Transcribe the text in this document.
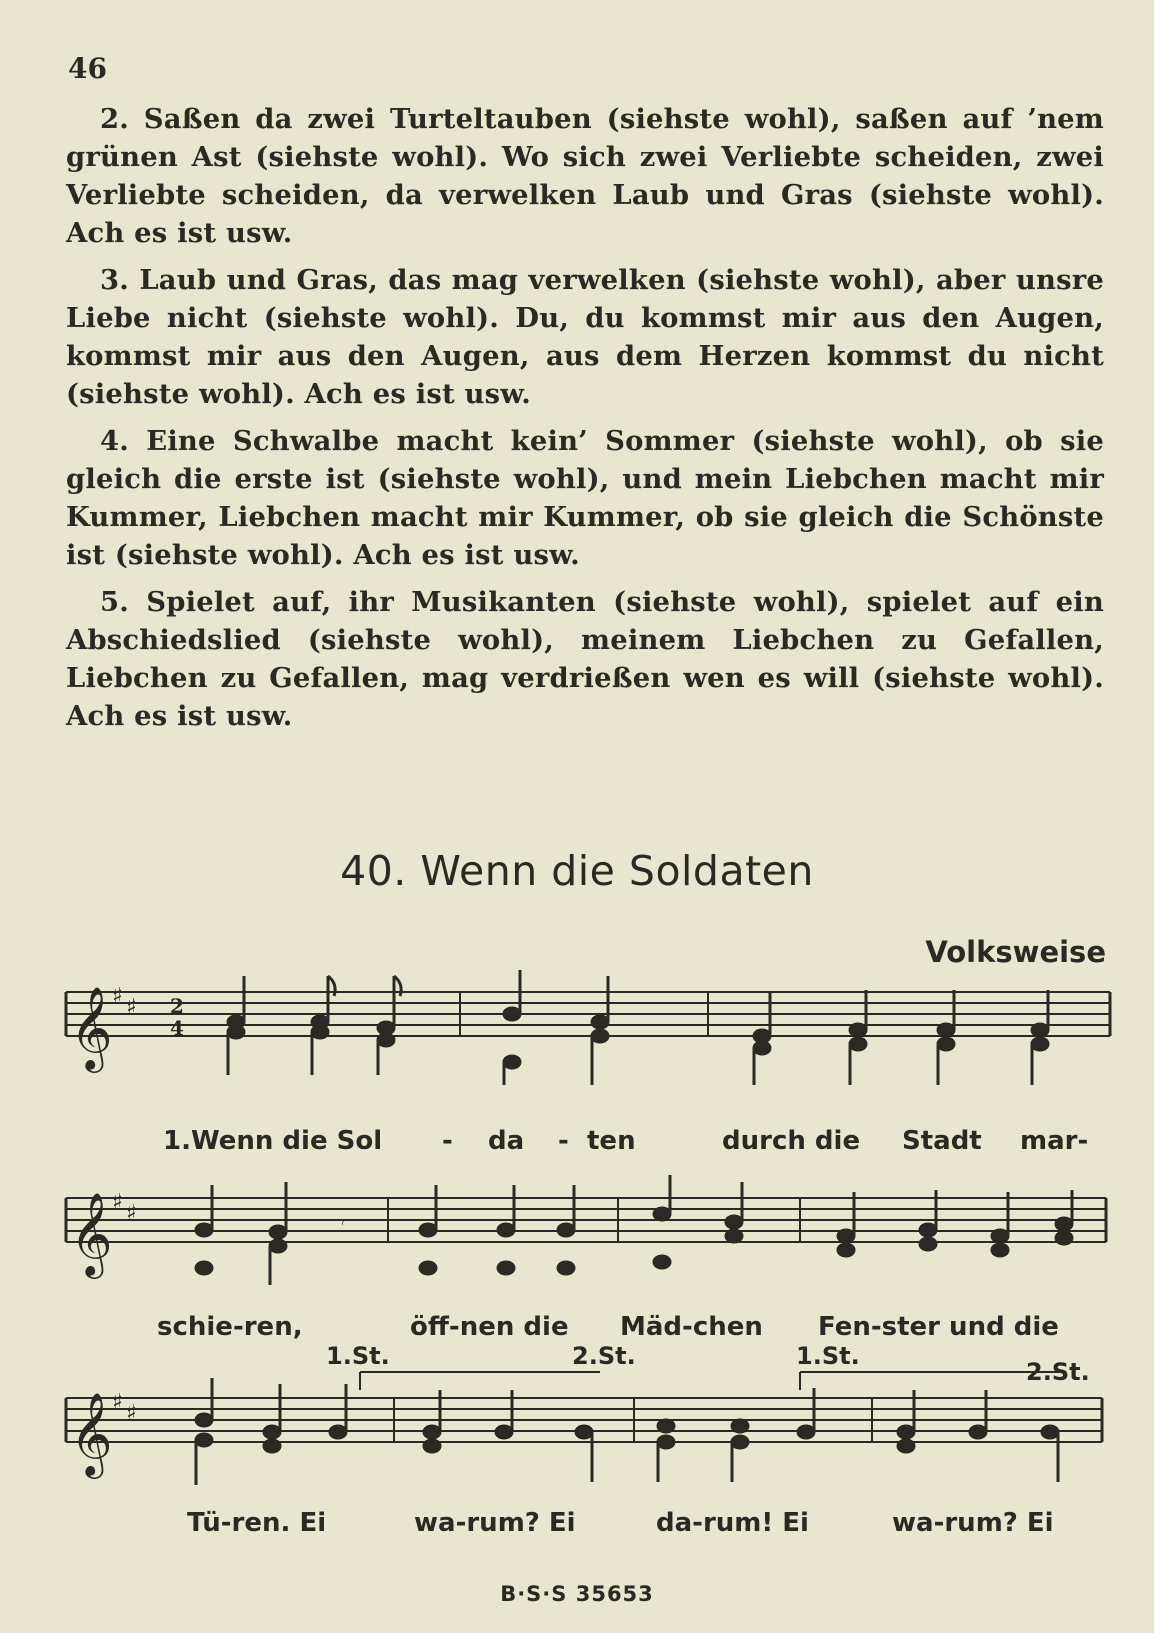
46

2. Saßen da zwei Turteltauben (siehste wohl), saßen auf ’nem grünen Ast (siehste wohl). Wo sich zwei Verliebte scheiden, zwei Verliebte scheiden, da verwelken Laub und Gras (siehste wohl). Ach es ist usw.

3. Laub und Gras, das mag verwelken (siehste wohl), aber unsre Liebe nicht (siehste wohl). Du, du kommst mir aus den Augen, kommst mir aus den Augen, aus dem Herzen kommst du nicht (siehste wohl). Ach es ist usw.

4. Eine Schwalbe macht kein’ Sommer (siehste wohl), ob sie gleich die erste ist (siehste wohl), und mein Liebchen macht mir Kummer, Liebchen macht mir Kummer, ob sie gleich die Schönste ist (siehste wohl). Ach es ist usw.

5. Spielet auf, ihr Musikanten (siehste wohl), spielet auf ein Abschiedslied (siehste wohl), meinem Liebchen zu Gefallen, Liebchen zu Gefallen, mag verdrießen wen es will (siehste wohl). Ach es ist usw.

40. Wenn die Soldaten
Volksweise
𝄞 ♯ ♯ 2
4
𝄞 ♯ ♯	𝄾
𝄞 ♯ ♯
1.Wenn die Sol - da - ten	durch die Stadt mar-
schie-ren,	öff-nen die Mäd-chen Fen-ster und die
1.St.	2.St.	1.St.
2.St.
Tü-ren. Ei	wa-rum? Ei	da-rum! Ei	wa-rum? Ei
B·S·S 35653
